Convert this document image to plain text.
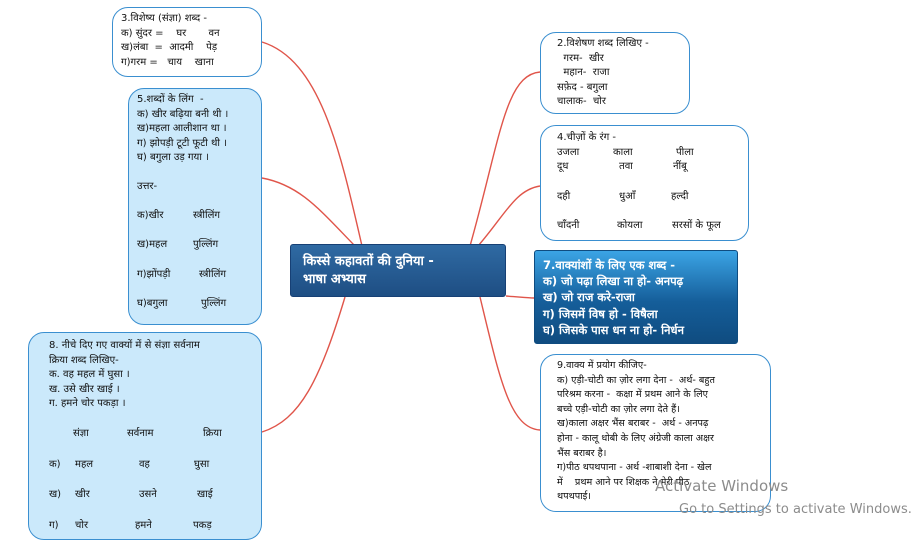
3.विशेष्य (संज्ञा) शब्द -
क) सुंदर =    घर       वन
ख)लंबा  =  आदमी    पेड़
ग)गरम =   चाय    खाना
5.शब्दों के लिंग  -
क) खीर बढ़िया बनी थी ।
ख)महला आलीशान था ।
ग) झोपड़ी टूटी फूटी थी ।
घ) बगुला उड़ गया ।
उत्तर-
क)खीर	स्त्रीलिंग
ख)महल	पुल्लिंग
ग)झोंपड़ी	स्त्रीलिंग
घ)बगुला	पुल्लिंग
8. नीचे दिए गए वाक्यों में से संज्ञा सर्वनाम
क्रिया शब्द लिखिए-
क. वह महल में घुसा ।
ख. उसे खीर खाई ।
ग. हमने चोर पकड़ा ।
संज्ञा	सर्वनाम	क्रिया
क)	महल	वह	घुसा
ख)	खीर	उसने	खाई
ग)	चोर	हमने	पकड़
किस्से कहावतों की दुनिया -
भाषा अभ्यास
2.विशेषण शब्द लिखिए -
गरम-  खीर
महान-  राजा
सफ़ेद - बगुला
चालाक-  चोर
4.चीज़ों के रंग -
उजला	काला	पीला
दूध	तवा	नींबू
दही	धुआँ	हल्दी
चाँदनी	कोयला	सरसों के फूल
7.वाक्यांशों के लिए एक शब्द -
क) जो पढ़ा लिखा ना हो- अनपढ़
ख) जो राज करे-राजा
ग) जिसमें विष हो - विषैला
घ) जिसके पास धन ना हो- निर्धन
9.वाक्य में प्रयोग कीजिए-
क) एड़ी-चोटी का ज़ोर लगा देना -  अर्थ- बहुत
परिश्रम करना -  कक्षा में प्रथम आने के लिए
बच्चे एड़ी-चोटी का ज़ोर लगा देते हैं।
ख)काला अक्षर भैंस बराबर -  अर्थ - अनपढ़
होना - कालू धोबी के लिए अंग्रेजी काला अक्षर
भैंस बराबर है।
ग)पीठ थपथपाना - अर्थ -शाबाशी देना - खेल
में    प्रथम आने पर शिक्षक ने मेरी पीठ
थपथपाई।
Activate Windows
Go to Settings to activate Windows.
